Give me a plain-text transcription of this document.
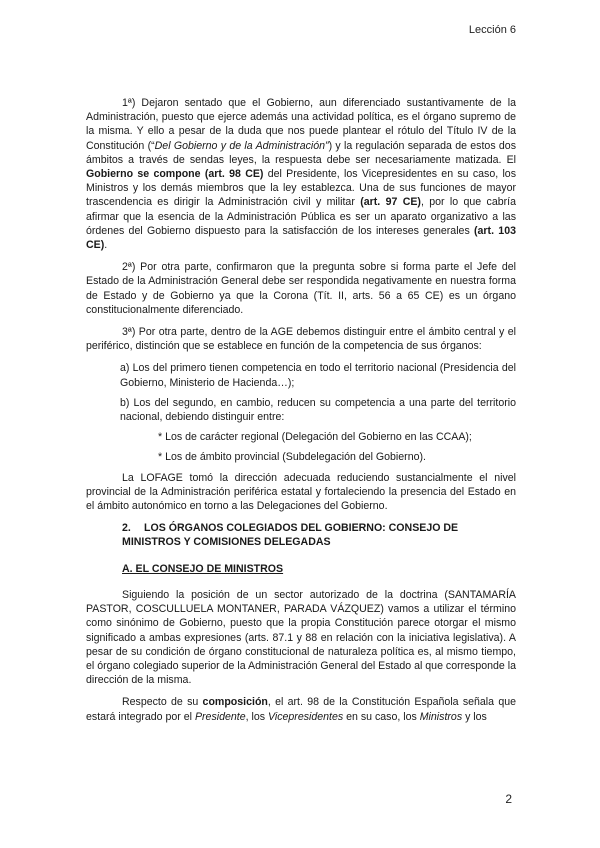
Lección 6

1ª) Dejaron sentado que el Gobierno, aun diferenciado sustantivamente de la Administración, puesto que ejerce además una actividad política, es el órgano supremo de la misma. Y ello a pesar de la duda que nos puede plantear el rótulo del Título IV de la Constitución (“Del Gobierno y de la Administración”) y la regulación separada de estos dos ámbitos a través de sendas leyes, la respuesta debe ser necesariamente matizada. El Gobierno se compone (art. 98 CE) del Presidente, los Vicepresidentes en su caso, los Ministros y los demás miembros que la ley establezca. Una de sus funciones de mayor trascendencia es dirigir la Administración civil y militar (art. 97 CE), por lo que cabría afirmar que la esencia de la Administración Pública es ser un aparato organizativo a las órdenes del Gobierno dispuesto para la satisfacción de los intereses generales (art. 103 CE).

2ª) Por otra parte, confirmaron que la pregunta sobre si forma parte el Jefe del Estado de la Administración General debe ser respondida negativamente en nuestra forma de Estado y de Gobierno ya que la Corona (Tít. II, arts. 56 a 65 CE) es un órgano constitucionalmente diferenciado.

3ª) Por otra parte, dentro de la AGE debemos distinguir entre el ámbito central y el periférico, distinción que se establece en función de la competencia de sus órganos:

a) Los del primero tienen competencia en todo el territorio nacional (Presidencia del Gobierno, Ministerio de Hacienda…);

b) Los del segundo, en cambio, reducen su competencia a una parte del territorio nacional, debiendo distinguir entre:

* Los de carácter regional (Delegación del Gobierno en las CCAA);

* Los de ámbito provincial (Subdelegación del Gobierno).

La LOFAGE tomó la dirección adecuada reduciendo sustancialmente el nivel provincial de la Administración periférica estatal y fortaleciendo la presencia del Estado en el ámbito autonómico en torno a las Delegaciones del Gobierno.

2. LOS ÓRGANOS COLEGIADOS DEL GOBIERNO: CONSEJO DE MINISTROS Y COMISIONES DELEGADAS

A. EL CONSEJO DE MINISTROS

Siguiendo la posición de un sector autorizado de la doctrina (SANTAMARÍA PASTOR, COSCULLUELA MONTANER, PARADA VÁZQUEZ) vamos a utilizar el término como sinónimo de Gobierno, puesto que la propia Constitución parece otorgar el mismo significado a ambas expresiones (arts. 87.1 y 88 en relación con la iniciativa legislativa). A pesar de su condición de órgano constitucional de naturaleza política es, al mismo tiempo, el órgano colegiado superior de la Administración General del Estado al que corresponde la dirección de la misma.

Respecto de su composición, el art. 98 de la Constitución Española señala que estará integrado por el Presidente, los Vicepresidentes en su caso, los Ministros y los

2
